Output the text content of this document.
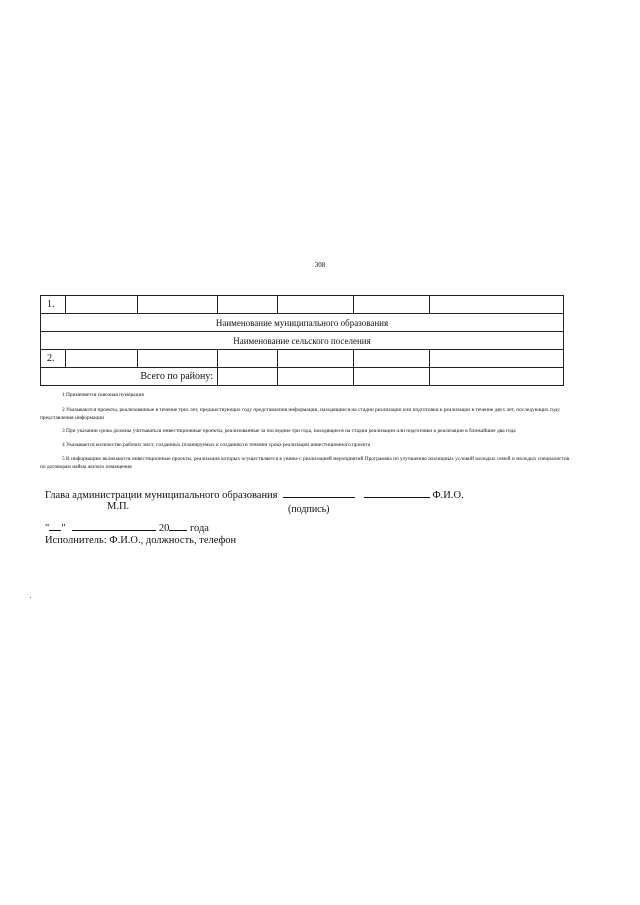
308
1.						
Наименование муниципального образования						
Наименование сельского поселения						
2.						
Всего по району:						

1 Применяется сквозная нумерация

2 Указываются проекты, реализованные в течение трех лет, предшествующих году представления информации, находящиеся на стадии реализации или подготовки к реализации в течение двух лет, последующих году представления информации

3 При указании срока должны учитываться инвестиционные проекты, реализованные за последние три года, находящиеся на стадии реализации или подготовки к реализации в ближайшие два года

4 Указывается количество рабочих мест, созданных (планируемых к созданию) в течении срока реализации инвестиционного проекта

5 В информацию включаются инвестиционные проекты, реализация которых осуществляется в увязке с реализацией мероприятий Программы по улучшению жилищных условий молодых семей и молодых специалистов по договорам найма жилого помещения

Глава администрации муниципального образования	Ф.И.О.
М.П.	(подпись)
" "	20 года
Исполнитель: Ф.И.О., должность, телефон
